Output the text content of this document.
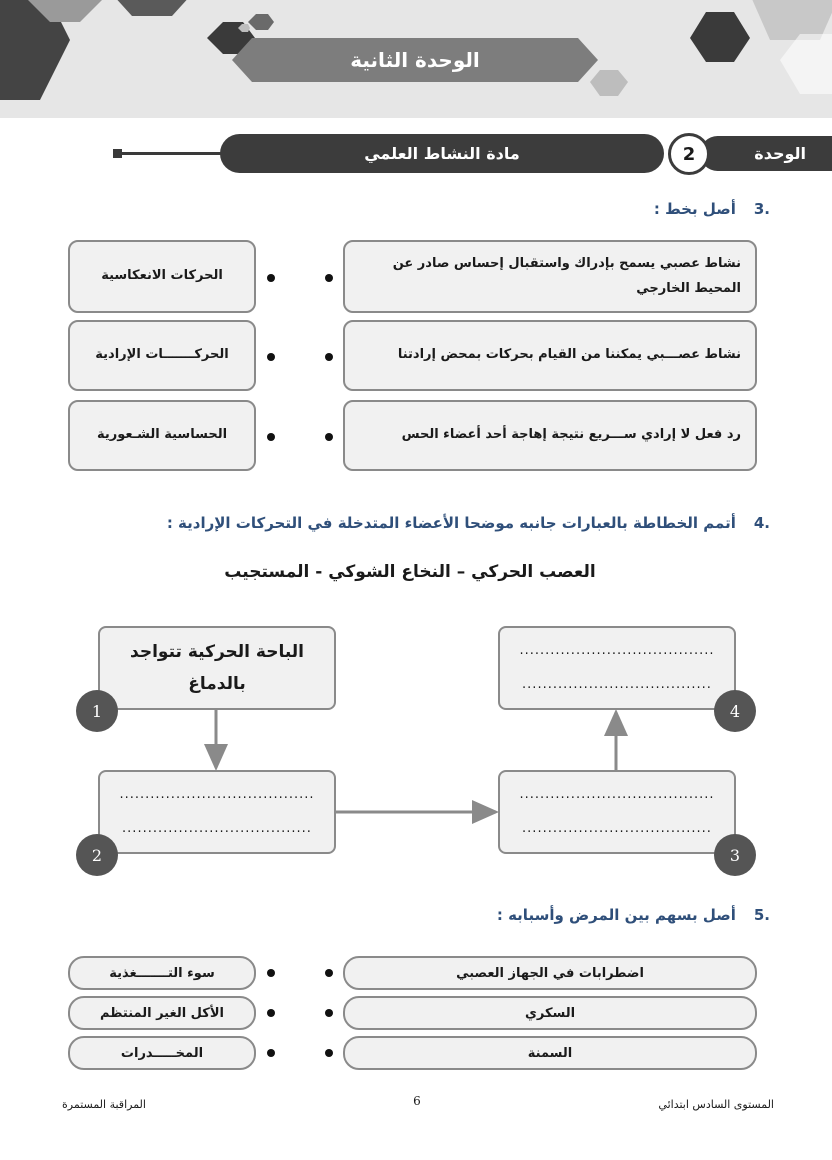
الوحدة الثانية
مادة النشاط العلمي	الوحدة
2
.3
أصل بخط :
نشاط عصبي يسمح بإدراك واستقبال إحساس صادر عن المحيط الخارجي
نشاط عصـــبي يمكننا من القيام بحركات بمحض إرادتنا
رد فعل لا إرادي ســـريع نتيجة إهاجة أحد أعضاء الحس
الحركات الانعكاسية
الحركـــــــات الإرادية
الحساسية الشـعورية
.4
أتمم الخطاطة بالعبارات جانبه موضحا الأعضاء المتدخلة في التحركات الإرادية :
العصب الحركي – النخاع الشوكي - المستجيب
الباحة الحركية تتواجد
بالدماغ
......................................
.....................................
......................................
.....................................
......................................
.....................................
1
2	3
4
.5
أصل بسهم بين المرض وأسبابه :
اضطرابات في الجهاز العصبي
السكري
السمنة
سوء التـــــــغذية
الأكل الغير المنتظم
المخـــــدرات
المستوى السادس ابتدائي
6
المراقبة المستمرة
